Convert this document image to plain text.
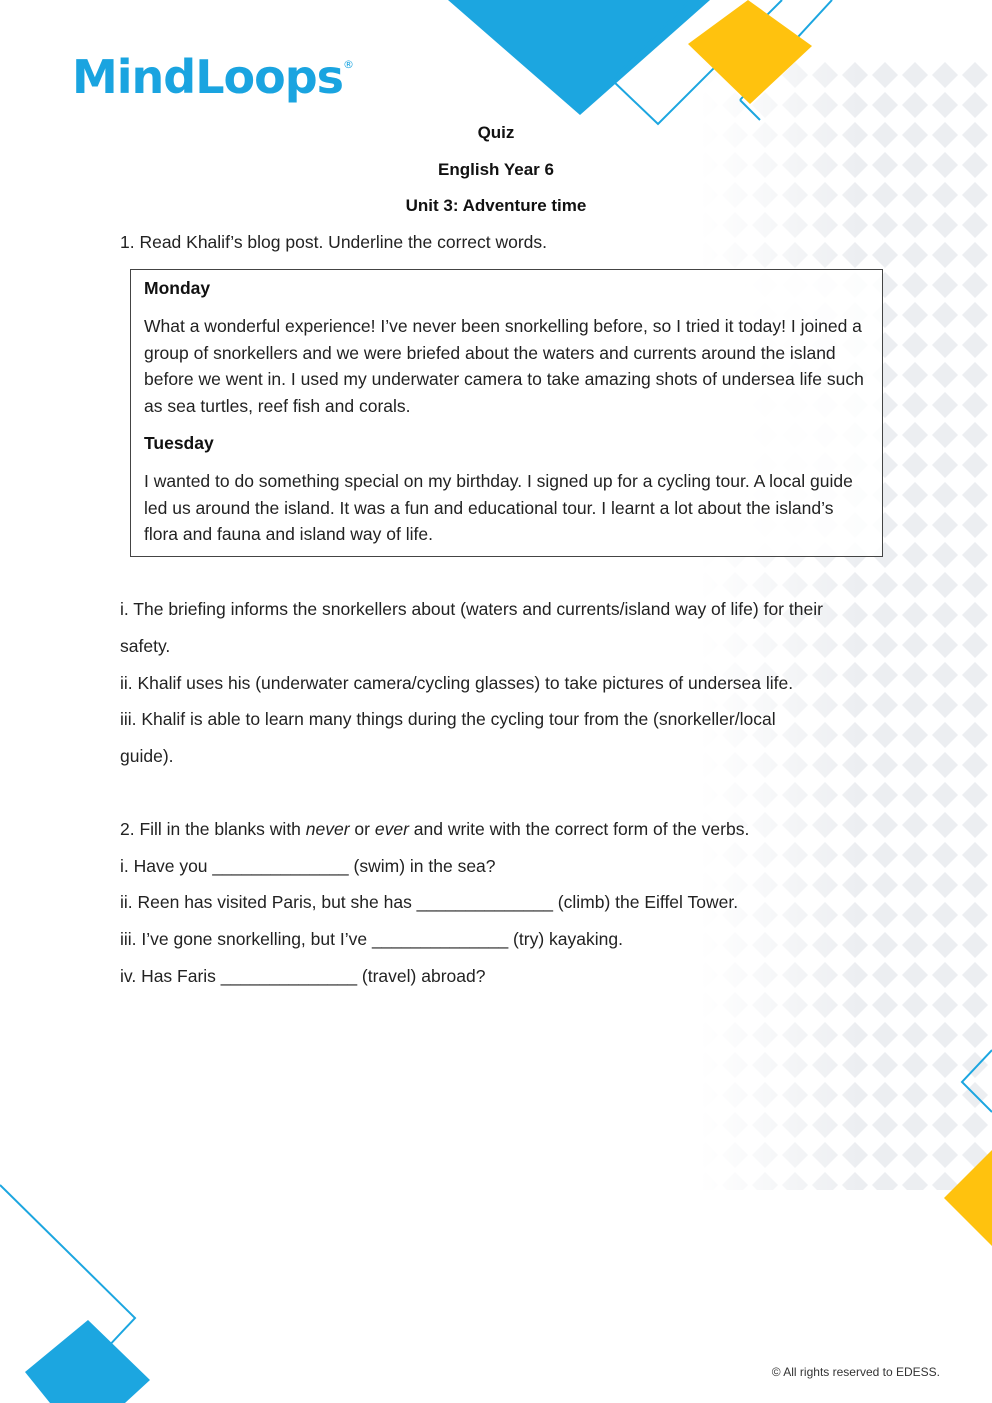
MindLoops®
Quiz
English Year 6
Unit 3: Adventure time
1. Read Khalif’s blog post. Underline the correct words.
Monday

What a wonderful experience! I’ve never been snorkelling before, so I tried it today! I joined a group of snorkellers and we were briefed about the waters and currents around the island before we went in. I used my underwater camera to take amazing shots of undersea life such as sea turtles, reef fish and corals.

Tuesday

I wanted to do something special on my birthday. I signed up for a cycling tour. A local guide led us around the island. It was a fun and educational tour. I learnt a lot about the island’s flora and fauna and island way of life.

i. The briefing informs the snorkellers about (waters and currents/island way of life) for their
safety.
ii. Khalif uses his (underwater camera/cycling glasses) to take pictures of undersea life.
iii. Khalif is able to learn many things during the cycling tour from the (snorkeller/local
guide).
2. Fill in the blanks with never or ever and write with the correct form of the verbs.
i. Have you ______________ (swim) in the sea?
ii. Reen has visited Paris, but she has ______________ (climb) the Eiffel Tower.
iii. I’ve gone snorkelling, but I’ve ______________ (try) kayaking.
iv. Has Faris ______________ (travel) abroad?
© All rights reserved to EDESS.
